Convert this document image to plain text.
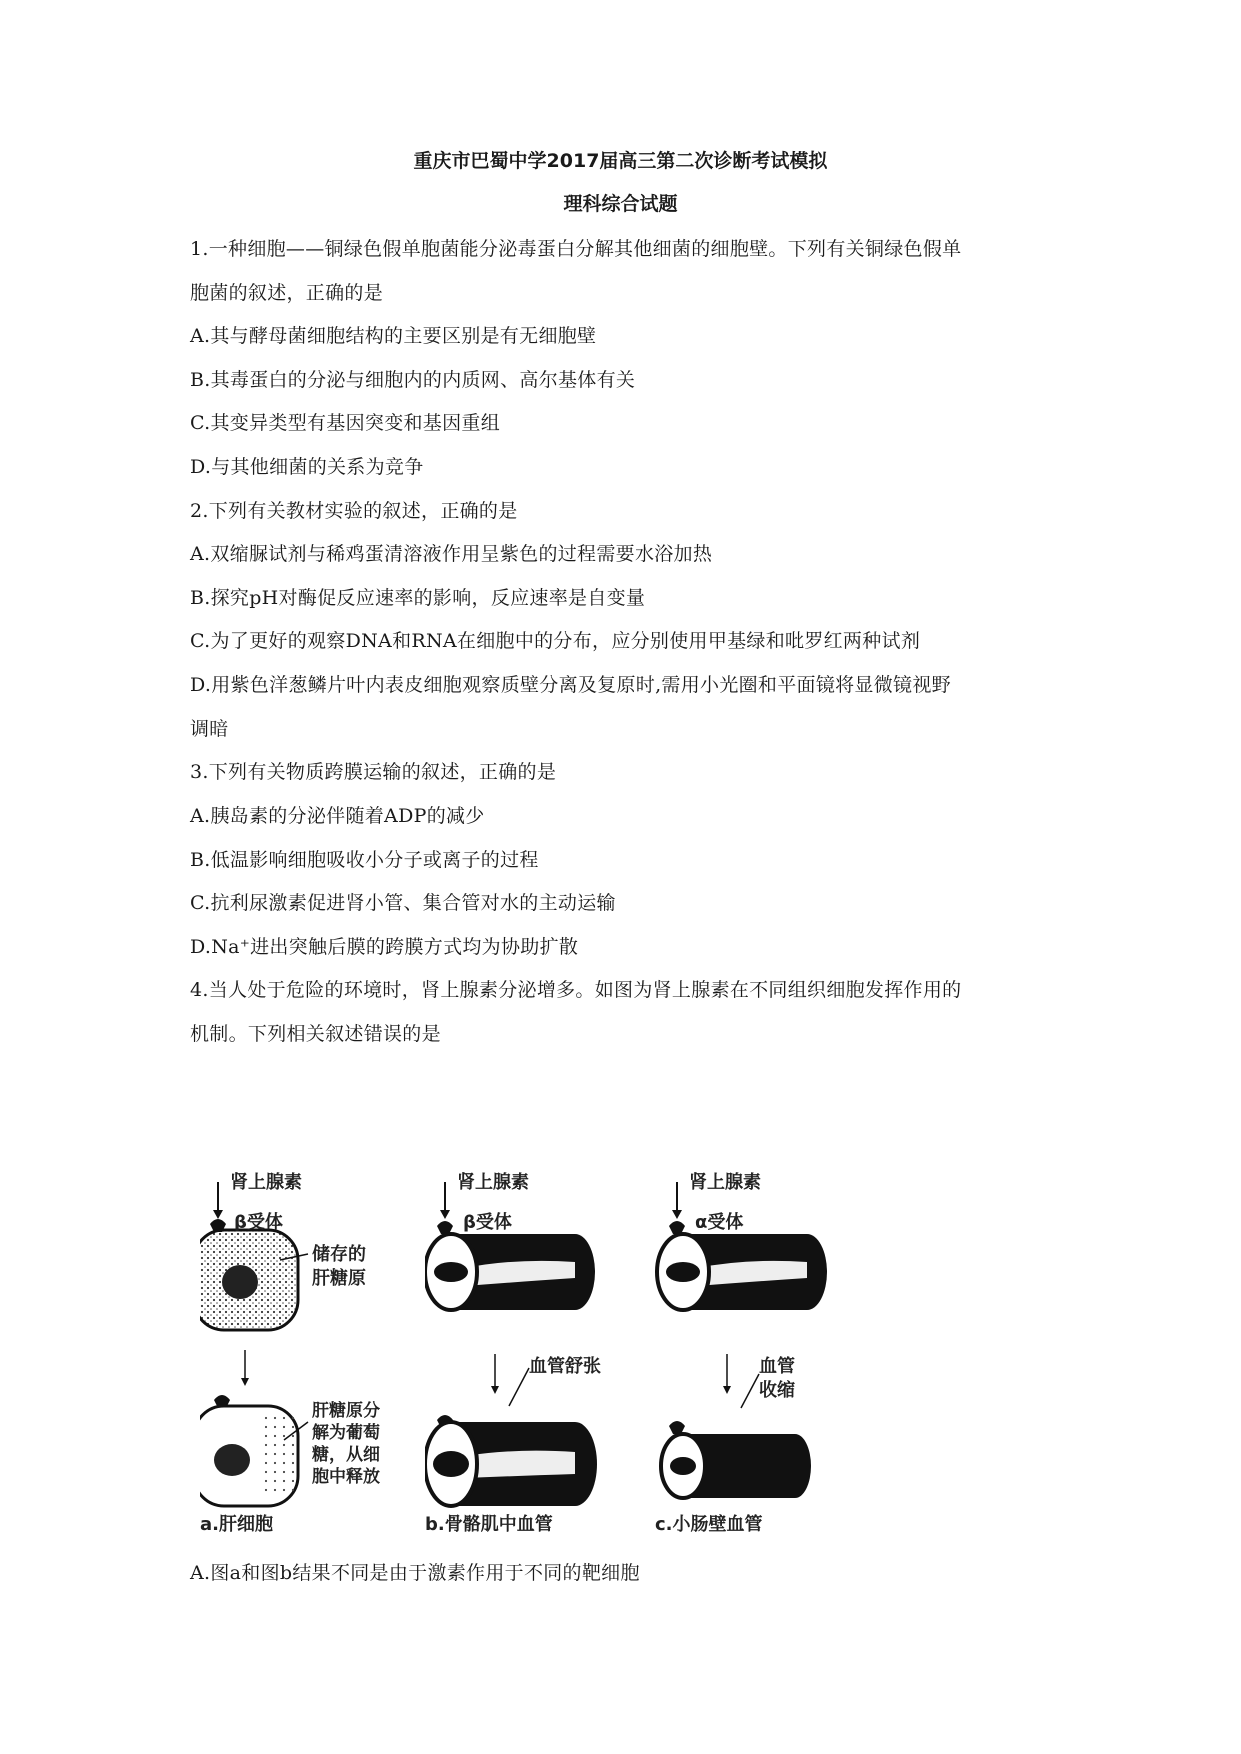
重庆市巴蜀中学2017届高三第二次诊断考试模拟
理科综合试题
1.一种细胞——铜绿色假单胞菌能分泌毒蛋白分解其他细菌的细胞壁。下列有关铜绿色假单
胞菌的叙述，正确的是
A.其与酵母菌细胞结构的主要区别是有无细胞壁
B.其毒蛋白的分泌与细胞内的内质网、高尔基体有关
C.其变异类型有基因突变和基因重组
D.与其他细菌的关系为竞争
2.下列有关教材实验的叙述，正确的是
A.双缩脲试剂与稀鸡蛋清溶液作用呈紫色的过程需要水浴加热
B.探究pH对酶促反应速率的影响，反应速率是自变量
C.为了更好的观察DNA和RNA在细胞中的分布，应分别使用甲基绿和吡罗红两种试剂
D.用紫色洋葱鳞片叶内表皮细胞观察质壁分离及复原时,需用小光圈和平面镜将显微镜视野
调暗
3.下列有关物质跨膜运输的叙述，正确的是
A.胰岛素的分泌伴随着ADP的减少
B.低温影响细胞吸收小分子或离子的过程
C.抗利尿激素促进肾小管、集合管对水的主动运输
D.Na⁺进出突触后膜的跨膜方式均为协助扩散
4.当人处于危险的环境时，肾上腺素分泌增多。如图为肾上腺素在不同组织细胞发挥作用的
机制。下列相关叙述错误的是
肾上腺素
β受体
储存的
肝糖原
肝糖原分
解为葡萄
糖，从细
胞中释放
a.肝细胞
肾上腺素
β受体
血管舒张
b.骨骼肌中血管
肾上腺素
α受体
血管
收缩
c.小肠壁血管
A.图a和图b结果不同是由于激素作用于不同的靶细胞
